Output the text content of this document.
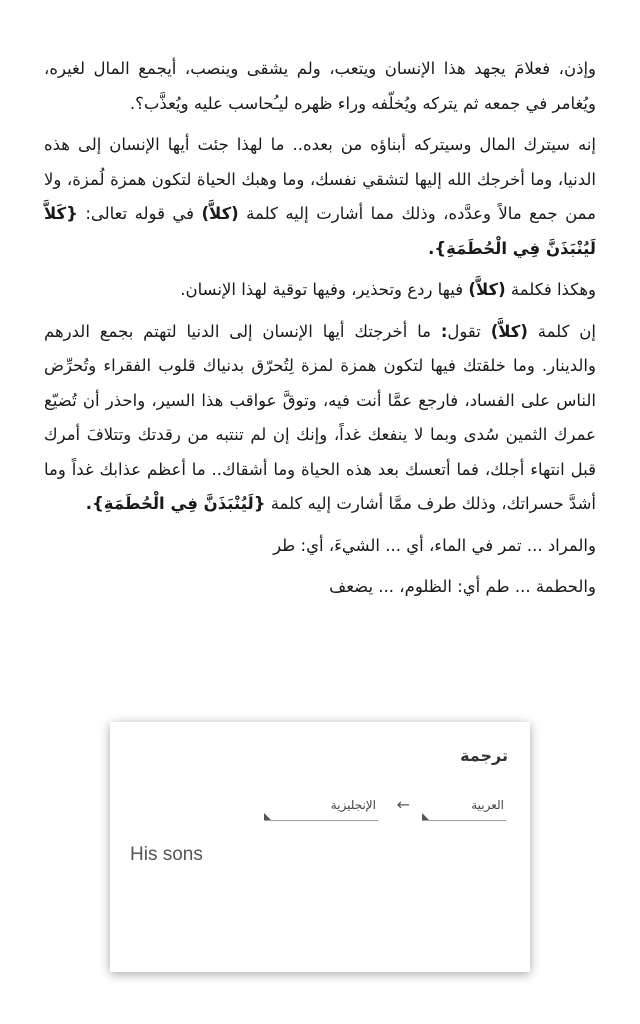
وإذن، فعلامَ يجهد هذا الإنسان ويتعب، ولم يشقى وينصب، أيجمع المال لغيره، ويُغامر في جمعه ثم يتركه ويُخلّفه وراء ظهره ليـُحاسب عليه ويُعذَّب؟.

إنه سيترك المال وسيتركه أبناؤه من بعده.. ما لهذا جئت أيها الإنسان إلى هذه الدنيا، وما أخرجك الله إليها لتشقي نفسك، وما وهبك الحياة لتكون همزة لُمزة، ولا ممن جمع مالاً وعدَّده، وذلك مما أشارت إليه كلمة (كلاَّ) في قوله تعالى: {كَلاَّ لَيُنْبَذَنَّ فِي الْحُطَمَةِ}.

وهكذا فكلمة (كلاَّ) فيها ردع وتحذير، وفيها توقية لهذا الإنسان.

إن كلمة (كلاَّ) تقول: ما أخرجتك أيها الإنسان إلى الدنيا لتهتم بجمع الدرهم والدينار. وما خلقتك فيها لتكون همزة لمزة لِتُحرّق بدنياك قلوب الفقراء وتُحرِّض الناس على الفساد، فارجع عمَّا أنت فيه، وتوقَّ عواقب هذا السير، واحذر أن تُضيّع عمرك الثمين سُدى وبما لا ينفعك غداً، وإنك إن لم تنتبه من رقدتك وتتلافَ أمرك قبل انتهاء أجلك، فما أتعسك بعد هذه الحياة وما أشقاك.. ما أعظم عذابك غداً وما أشدَّ حسراتك، وذلك طرف ممَّا أشارت إليه كلمة {لَيُنْبَذَنَّ فِي الْحُطَمَةِ}.

والمراد ... تمر في الماء، أي ... الشيءَ، أي: طر

والحطمة ... طم أي: الظلوم، ... يضعف

ترجمة
العربية
←
الإنجليزية
His sons
